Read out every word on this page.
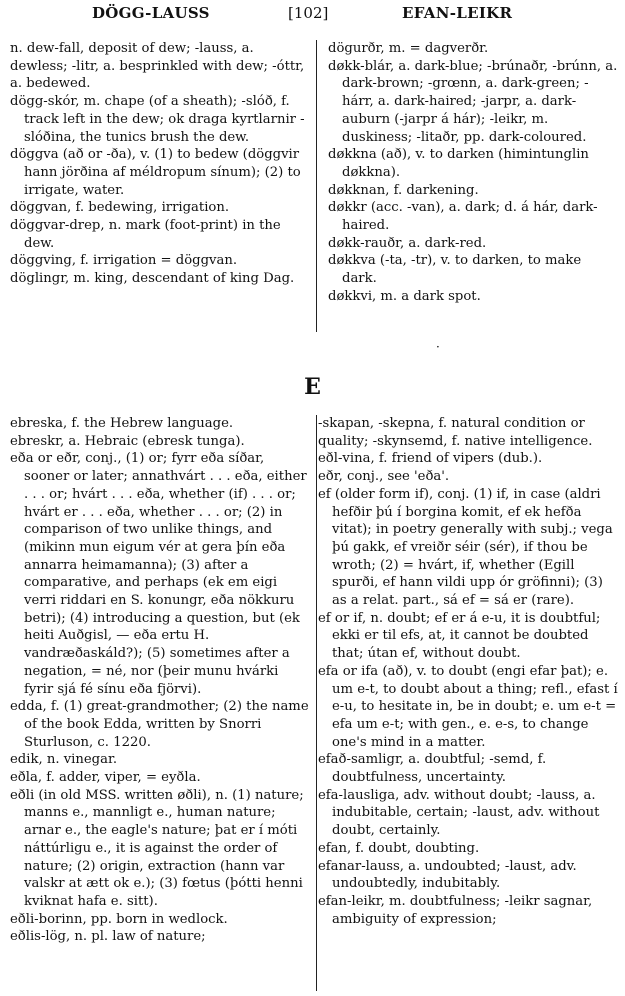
DÖGG-LAUSS	[102]	EFAN-LEIKR

n. dew-fall, deposit of dew; -lauss, a. dewless; -litr, a. besprinkled with dew; -óttr, a. bedewed.

dögg-skór, m. chape (of a sheath); -slóð, f. track left in the dew; ok draga kyrtlarnir -slóðina, the tunics brush the dew.

döggva (að or -ða), v. (1) to bedew (döggvir hann jörðina af méldropum sínum); (2) to irrigate, water.

döggvan, f. bedewing, irrigation.

döggvar-drep, n. mark (foot-print) in the dew.

döggving, f. irrigation = döggvan.

döglingr, m. king, descendant of king Dag.

dögurðr, m. = dagverðr.

døkk-blár, a. dark-blue; -brúnaðr, -brúnn, a. dark-brown; -grœnn, a. dark-green; -hárr, a. dark-haired; -jarpr, a. dark-auburn (-jarpr á hár); -leikr, m. duskiness; -litaðr, pp. dark-coloured.

døkkna (að), v. to darken (himintunglin døkkna).

døkknan, f. darkening.

døkkr (acc. -van), a. dark; d. á hár, dark-haired.

døkk-rauðr, a. dark-red.

døkkva (-ta, -tr), v. to darken, to make dark.

døkkvi, m. a dark spot.

·
E

ebreska, f. the Hebrew language.

ebreskr, a. Hebraic (ebresk tunga).

eða or eðr, conj., (1) or; fyrr eða síðar, sooner or later; annathvárt . . . eða, either . . . or; hvárt . . . eða, whether (if) . . . or; hvárt er . . . eða, whether . . . or; (2) in comparison of two unlike things, and (mikinn mun eigum vér at gera þín eða annarra heimamanna); (3) after a comparative, and perhaps (ek em eigi verri riddari en S. konungr, eða nökkuru betri); (4) introducing a question, but (ek heiti Auðgisl, — eða ertu H. vandræðaskáld?); (5) sometimes after a negation, = né, nor (þeir munu hvárki fyrir sjá fé sínu eða fjörvi).

edda, f. (1) great-grandmother; (2) the name of the book Edda, written by Snorri Sturluson, c. 1220.

edik, n. vinegar.

eðla, f. adder, viper, = eyðla.

eðli (in old MSS. written øðli), n. (1) nature; manns e., mannligt e., human nature; arnar e., the eagle's nature; þat er í móti náttúrligu e., it is against the order of nature; (2) origin, extraction (hann var valskr at ætt ok e.); (3) fœtus (þótti henni kviknat hafa e. sitt).

eðli-borinn, pp. born in wedlock.

eðlis-lög, n. pl. law of nature;

-skapan, -skepna, f. natural condition or quality; -skynsemd, f. native intelligence.

eðl-vina, f. friend of vipers (dub.).

eðr, conj., see 'eða'.

ef (older form if), conj. (1) if, in case (aldri hefðir þú í borgina komit, ef ek hefða vitat); in poetry generally with subj.; vega þú gakk, ef vreiðr séir (sér), if thou be wroth; (2) = hvárt, if, whether (Egill spurði, ef hann vildi upp ór gröfinni); (3) as a relat. part., sá ef = sá er (rare).

ef or if, n. doubt; ef er á e-u, it is doubtful; ekki er til efs, at, it cannot be doubted that; útan ef, without doubt.

efa or ifa (að), v. to doubt (engi efar þat); e. um e-t, to doubt about a thing; refl., efast í e-u, to hesitate in, be in doubt; e. um e-t = efa um e-t; with gen., e. e-s, to change one's mind in a matter.

efað-samligr, a. doubtful; -semd, f. doubtfulness, uncertainty.

efa-lausliga, adv. without doubt; -lauss, a. indubitable, certain; -laust, adv. without doubt, certainly.

efan, f. doubt, doubting.

efanar-lauss, a. undoubted; -laust, adv. undoubtedly, indubitably.

efan-leikr, m. doubtfulness; -leikr sagnar, ambiguity of expression;
